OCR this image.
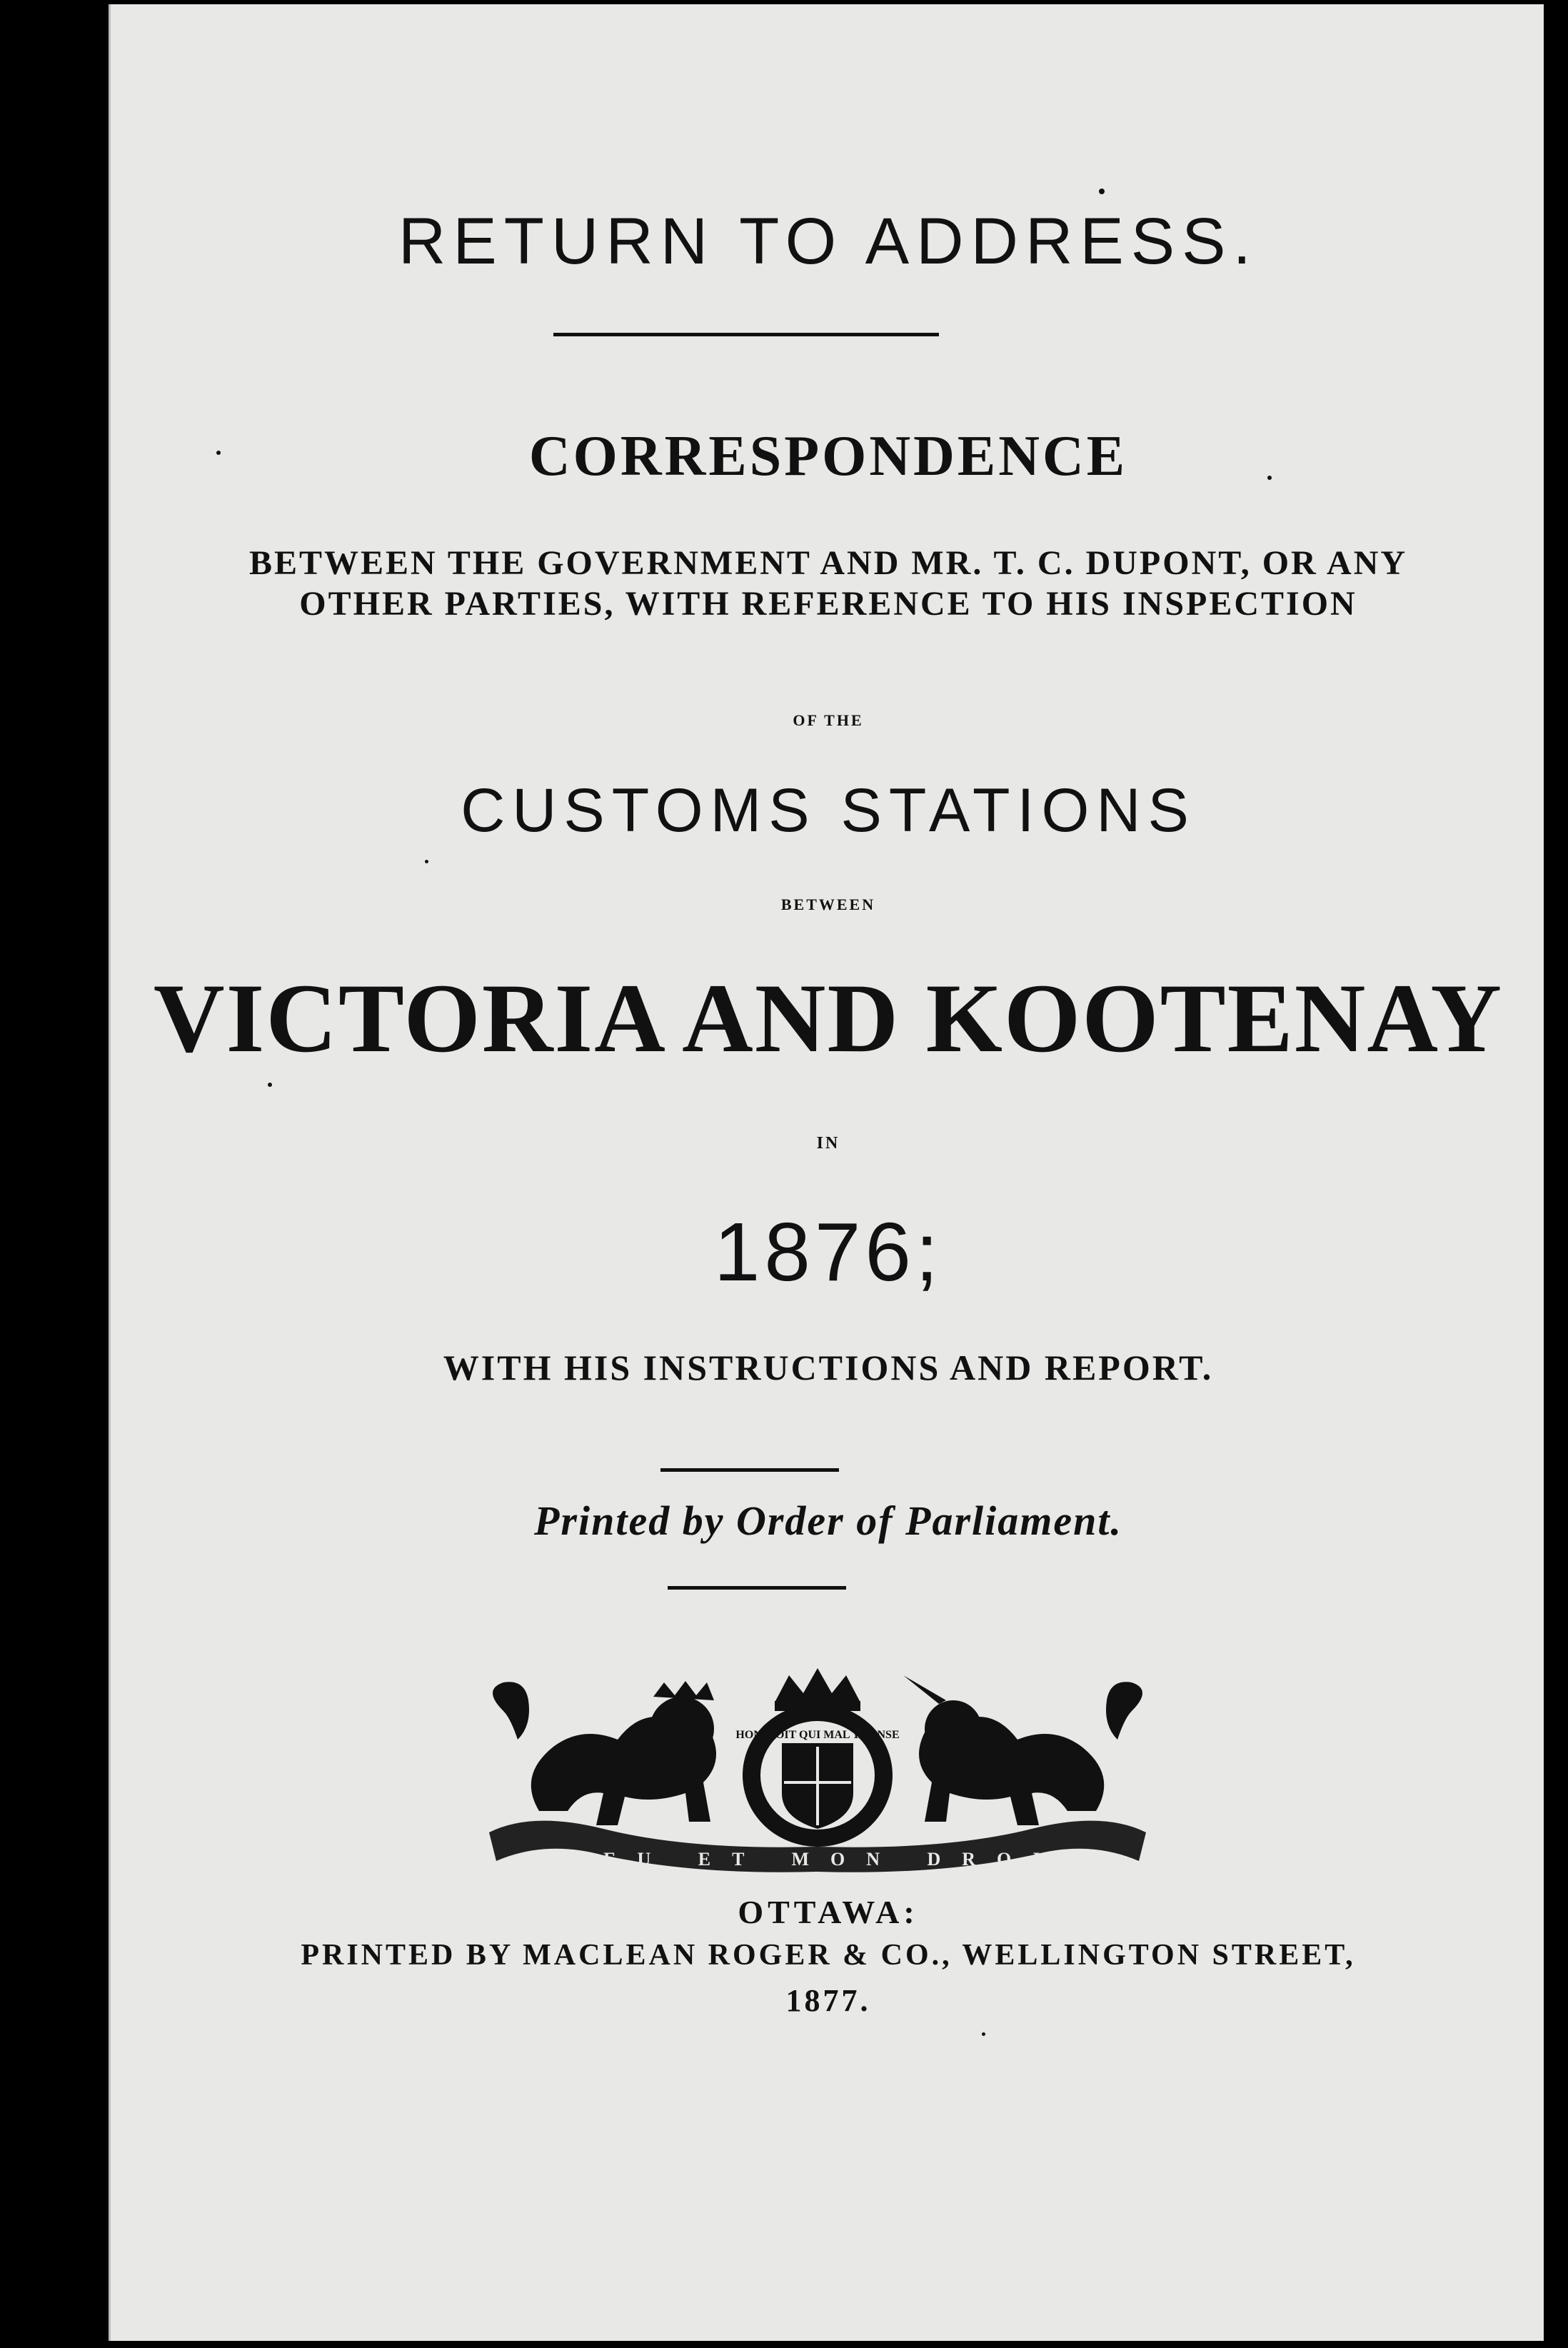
RETURN TO ADDRESS.

CORRESPONDENCE

BETWEEN THE GOVERNMENT AND MR. T. C. DUPONT, OR ANY

OTHER PARTIES, WITH REFERENCE TO HIS INSPECTION

OF THE

CUSTOMS STATIONS

BETWEEN

VICTORIA AND KOOTENAY

IN

1876;

WITH HIS INSTRUCTIONS AND REPORT.

Printed by Order of Parliament.

DIEU ET MON DROIT
HONI SOIT QUI MAL Y PENSE

OTTAWA:

PRINTED BY MACLEAN ROGER & CO., WELLINGTON STREET,

1877.
